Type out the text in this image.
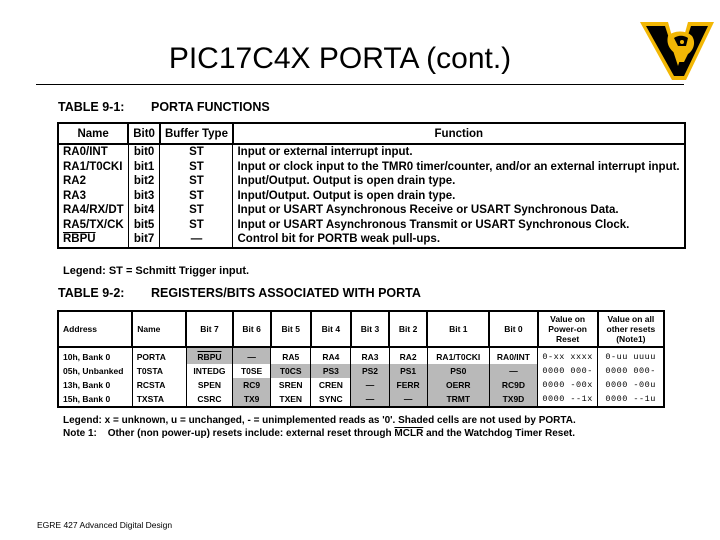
PIC17C4X PORTA (cont.)
TABLE 9-1: PORTA FUNCTIONS
Name	Bit0	Buffer Type	Function
RA0/INT	bit0	ST	Input or external interrupt input.
RA1/T0CKI	bit1	ST	Input or clock input to the TMR0 timer/counter, and/or an external interrupt input.
RA2	bit2	ST	Input/Output. Output is open drain type.
RA3	bit3	ST	Input/Output. Output is open drain type.
RA4/RX/DT	bit4	ST	Input or USART Asynchronous Receive or USART Synchronous Data.
RA5/TX/CK	bit5	ST	Input or USART Asynchronous Transmit or USART Synchronous Clock.
RBPU	bit7	—	Control bit for PORTB weak pull-ups.
Legend: ST = Schmitt Trigger input.
TABLE 9-2: REGISTERS/BITS ASSOCIATED WITH PORTA
Address	Name	Bit 7	Bit 6	Bit 5	Bit 4	Bit 3	Bit 2	Bit 1	Bit 0	Value on Power-on Reset	Value on all other resets (Note1)
10h, Bank 0	PORTA	RBPU	—	RA5	RA4	RA3	RA2	RA1/T0CKI	RA0/INT	0-xx xxxx	0-uu uuuu
05h, Unbanked	T0STA	INTEDG	T0SE	T0CS	PS3	PS2	PS1	PS0	—	0000 000-	0000 000-
13h, Bank 0	RCSTA	SPEN	RC9	SREN	CREN	—	FERR	OERR	RC9D	0000 -00x	0000 -00u
15h, Bank 0	TXSTA	CSRC	TX9	TXEN	SYNC	—	—	TRMT	TX9D	0000 --1x	0000 --1u
Legend: x = unknown, u = unchanged, - = unimplemented reads as '0'. Shaded cells are not used by PORTA.
Note 1: Other (non power-up) resets include: external reset through MCLR and the Watchdog Timer Reset.
EGRE 427 Advanced Digital Design
